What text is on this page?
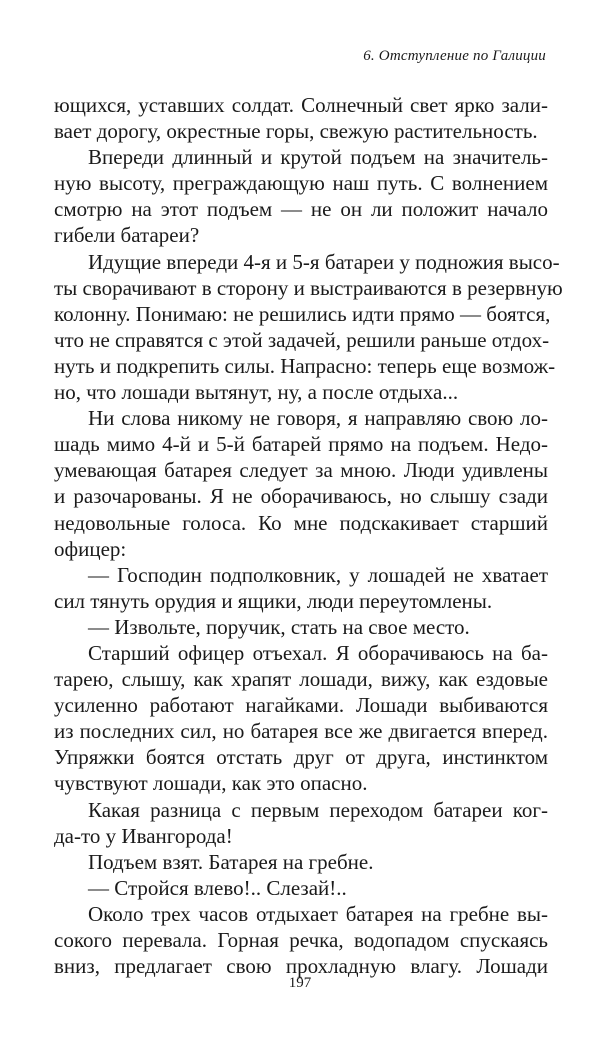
6. Отступление по Галиции
ющихся, уставших солдат. Солнечный свет ярко зали-
вает дорогу, окрестные горы, свежую растительность.
Впереди длинный и крутой подъем на значитель-
ную высоту, преграждающую наш путь. С волнением
смотрю на этот подъем — не он ли положит начало
гибели батареи?
Идущие впереди 4-я и 5-я батареи у подножия высо-
ты сворачивают в сторону и выстраиваются в резервную
колонну. Понимаю: не решились идти прямо — боятся,
что не справятся с этой задачей, решили раньше отдох-
нуть и подкрепить силы. Напрасно: теперь еще возмож-
но, что лошади вытянут, ну, а после отдыха...
Ни слова никому не говоря, я направляю свою ло-
шадь мимо 4-й и 5-й батарей прямо на подъем. Недо-
умевающая батарея следует за мною. Люди удивлены
и разочарованы. Я не оборачиваюсь, но слышу сзади
недовольные голоса. Ко мне подскакивает старший
офицер:
— Господин подполковник, у лошадей не хватает
сил тянуть орудия и ящики, люди переутомлены.
— Извольте, поручик, стать на свое место.
Старший офицер отъехал. Я оборачиваюсь на ба-
тарею, слышу, как храпят лошади, вижу, как ездовые
усиленно работают нагайками. Лошади выбиваются
из последних сил, но батарея все же двигается вперед.
Упряжки боятся отстать друг от друга, инстинктом
чувствуют лошади, как это опасно.
Какая разница с первым переходом батареи ког-
да-то у Ивангорода!
Подъем взят. Батарея на гребне.
— Стройся влево!.. Слезай!..
Около трех часов отдыхает батарея на гребне вы-
сокого перевала. Горная речка, водопадом спускаясь
вниз, предлагает свою прохладную влагу. Лошади
197
